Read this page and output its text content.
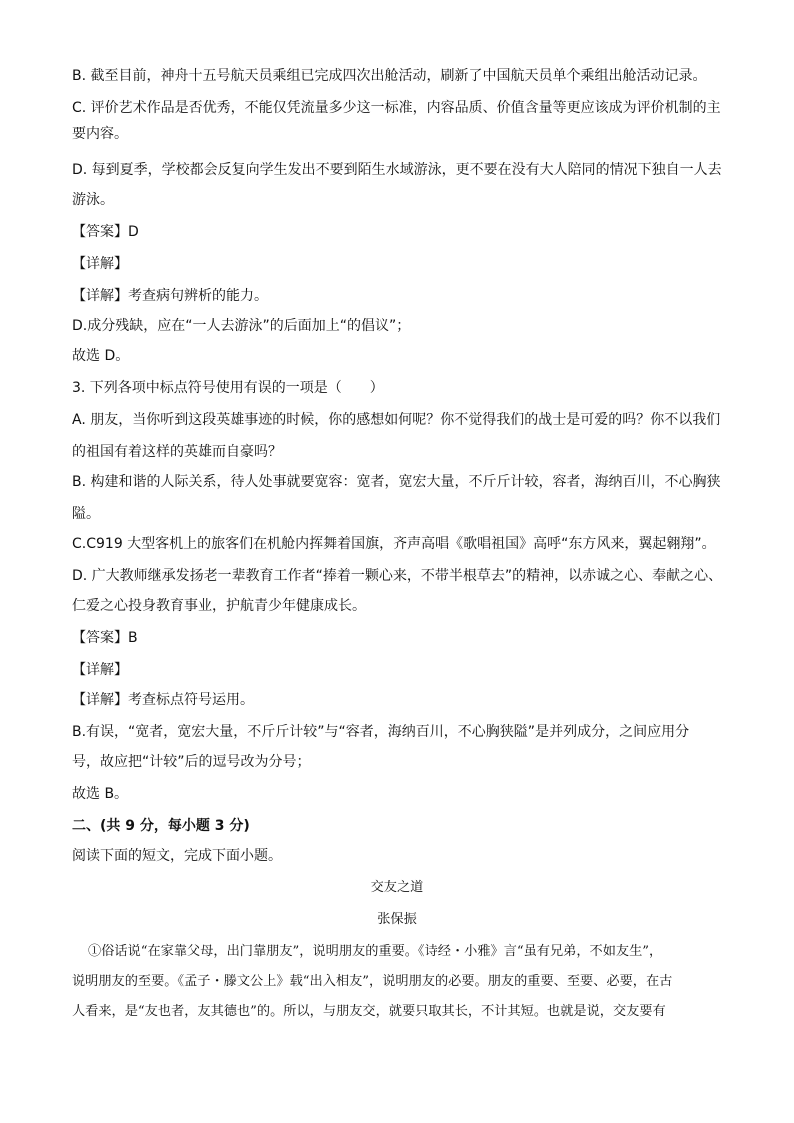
B. 截至目前，神舟十五号航天员乘组已完成四次出舱活动，刷新了中国航天员单个乘组出舱活动记录。
C. 评价艺术作品是否优秀，不能仅凭流量多少这一标准，内容品质、价值含量等更应该成为评价机制的主
要内容。
D. 每到夏季，学校都会反复向学生发出不要到陌生水域游泳，更不要在没有大人陪同的情况下独自一人去
游泳。
【答案】D
【详解】
【详解】考查病句辨析的能力。
D.成分残缺，应在“一人去游泳”的后面加上“的倡议”；
故选 D。
3. 下列各项中标点符号使用有误的一项是（　　）
A. 朋友，当你听到这段英雄事迹的时候，你的感想如何呢？你不觉得我们的战士是可爱的吗？你不以我们
的祖国有着这样的英雄而自豪吗？
B. 构建和谐的人际关系，待人处事就要宽容：宽者，宽宏大量，不斤斤计较，容者，海纳百川，不心胸狭
隘。
C.C919 大型客机上的旅客们在机舱内挥舞着国旗，齐声高唱《歌唱祖国》高呼“东方风来，翼起翱翔”。
D. 广大教师继承发扬老一辈教育工作者“捧着一颗心来，不带半根草去”的精神，以赤诚之心、奉献之心、
仁爱之心投身教育事业，护航青少年健康成长。
【答案】B
【详解】
【详解】考查标点符号运用。
B.有误，“宽者，宽宏大量，不斤斤计较”与“容者，海纳百川，不心胸狭隘”是并列成分，之间应用分
号，故应把“计较”后的逗号改为分号；
故选 B。
二、(共 9 分，每小题 3 分)
阅读下面的短文，完成下面小题。
交友之道
张保振
①俗话说“在家靠父母，出门靠朋友”，说明朋友的重要。《诗经・小雅》言“虽有兄弟，不如友生”，
说明朋友的至要。《孟子・滕文公上》载“出入相友”，说明朋友的必要。朋友的重要、至要、必要，在古
人看来，是“友也者，友其德也”的。所以，与朋友交，就要只取其长，不计其短。也就是说，交友要有
